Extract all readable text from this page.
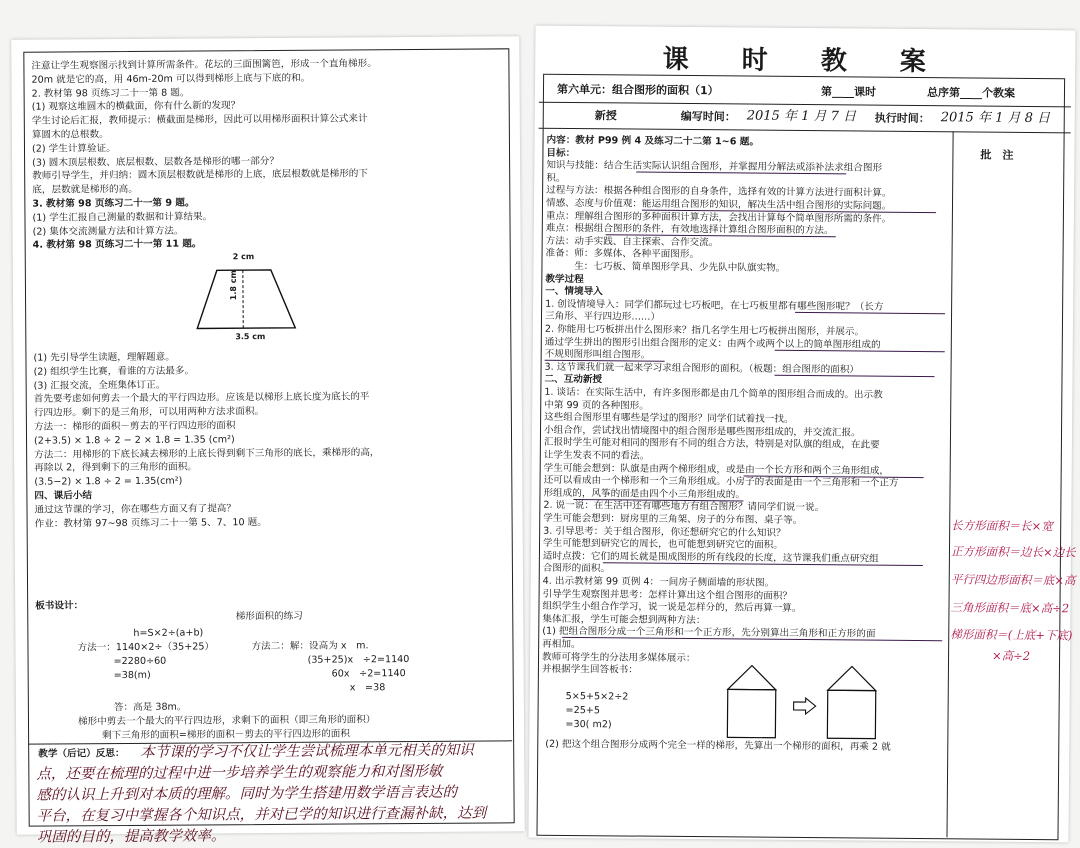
注意让学生观察图示找到计算所需条件。花坛的三面围篱笆，形成一个直角梯形。
20m 就是它的高，用 46m-20m 可以得到梯形上底与下底的和。
2. 教材第 98 页练习二十一第 8 题。
(1) 观察这堆圆木的横截面，你有什么新的发现？
学生讨论后汇报，教师提示：横截面是梯形，因此可以用梯形面积计算公式来计
算圆木的总根数。
(2) 学生计算验证。
(3) 圆木顶层根数、底层根数、层数各是梯形的哪一部分？
教师引导学生，并归纳：圆木顶层根数就是梯形的上底，底层根数就是梯形的下
底，层数就是梯形的高。
3. 教材第 98 页练习二十一第 9 题。
(1) 学生汇报自己测量的数据和计算结果。
(2) 集体交流测量方法和计算方法。
4. 教材第 98 页练习二十一第 11 题。
2 cm
1.8 cm
3.5 cm
(1) 先引导学生读题，理解题意。
(2) 组织学生比赛，看谁的方法最多。
(3) 汇报交流，全班集体订正。
首先要考虑如何剪去一个最大的平行四边形。应该是以梯形上底长度为底长的平
行四边形。剩下的是三角形，可以用两种方法求面积。
方法一：梯形的面积－剪去的平行四边形的面积
(2+3.5) × 1.8 ÷ 2 − 2 × 1.8 = 1.35 (cm²)
方法二：用梯形的下底长减去梯形的上底长得到剩下三角形的底长，乘梯形的高，
再除以 2，得到剩下的三角形的面积。
(3.5−2) × 1.8 ÷ 2 = 1.35(cm²)
四、课后小结
通过这节课的学习，你在哪些方面又有了提高？
作业：教材第 97~98 页练习二十一第 5、7、10 题。
板书设计：
梯形面积的练习
h=S×2÷(a+b)
方法一：1140×2÷（35+25）
=2280÷60
=38(m)
方法二：解：设高为 x　m.
(35+25)x　÷2=1140
60x　÷2=1140
x　=38
答：高是 38m。
梯形中剪去一个最大的平行四边形，求剩下的面积（即三角形的面积）
剩下三角形的面积=梯形的面积－剪去的平行四边形的面积
教学（后记）反思：	本节课的学习不仅让学生尝试梳理本单元相关的知识
点，还要在梳理的过程中进一步培养学生的观察能力和对图形敏
感的认识上升到对本质的理解。同时为学生搭建用数学语言表达的
平台，在复习中掌握各个知识点，并对已学的知识进行查漏补缺，达到
巩固的目的，提高教学效率。
课 时 教 案
第六单元：组合图形的面积（1）	第____课时	总序第____个教案
新授	编写时间： 2015 年 1 月 7 日	执行时间： 2015 年 1 月 8 日
批　注
内容：教材 P99 例 4 及练习二十二第 1~6 题。
目标：
知识与技能：结合生活实际认识组合图形，并掌握用分解法或添补法求组合图形
积。
过程与方法：根据各种组合图形的自身条件，选择有效的计算方法进行面积计算。
情感、态度与价值观：能运用组合图形的知识，解决生活中组合图形的实际问题。
重点：理解组合图形的多种面积计算方法，会找出计算每个简单图形所需的条件。
难点：根据组合图形的条件，有效地选择计算组合图形面积的方法。
方法：动手实践、自主探索、合作交流。
准备：师：多媒体、各种平面图形。
　　　生：七巧板、简单图形学具、少先队中队旗实物。
教学过程
一、情境导入
1. 创设情境导入：同学们都玩过七巧板吧，在七巧板里都有哪些图形呢？（长方
三角形、平行四边形……）
2. 你能用七巧板拼出什么图形来？指几名学生用七巧板拼出图形，并展示。
通过学生拼出的图形引出组合图形的定义：由两个或两个以上的简单图形组成的
不规则图形叫组合图形。
3. 这节课我们就一起来学习求组合图形的面积。（板题：组合图形的面积）
二、互动新授
1. 谈话：在实际生活中，有许多图形都是由几个简单的图形组合而成的。出示教
中第 99 页的各种图形。
这些组合图形里有哪些是学过的图形？同学们试着找一找。
小组合作，尝试找出情境图中的组合图形是哪些图形组成的，并交流汇报。
汇报时学生可能对相同的图形有不同的组合方法，特别是对队旗的组成，在此要
让学生发表不同的看法。
学生可能会想到：队旗是由两个梯形组成，或是由一个长方形和两个三角形组成，
还可以看成由一个梯形和一个三角形组成。小房子的表面是由一个三角形和一个正方
形组成的，风筝的面是由四个小三角形组成的。
2. 说一说：在生活中还有哪些地方有组合图形？请同学们说一说。
学生可能会想到：厨房里的三角架、房子的分布图、桌子等。
3. 引导思考：关于组合图形，你还想研究它的什么知识？
学生可能想到研究它的周长，也可能想到研究它的面积。
适时点拨：它们的周长就是围成图形的所有线段的长度，这节课我们重点研究组
合图形的面积。
4. 出示教材第 99 页例 4：一间房子侧面墙的形状图。
引导学生观察图并思考：怎样计算出这个组合图形的面积？
组织学生小组合作学习，说一说是怎样分的，然后再算一算。
集体汇报，学生可能会想到两种方法：
(1) 把组合图形分成一个三角形和一个正方形，先分别算出三角形和正方形的面
再相加。
教师可将学生的分法用多媒体展示：
并根据学生回答板书：
5×5+5×2÷2
=25+5
=30( m2)
(2) 把这个组合图形分成两个完全一样的梯形，先算出一个梯形的面积，再乘 2 就
长方形面积＝长×宽
正方形面积＝边长×边长
平行四边形面积＝底×高
三角形面积＝底×高÷2
梯形面积＝(上底+下底)
×高÷2
